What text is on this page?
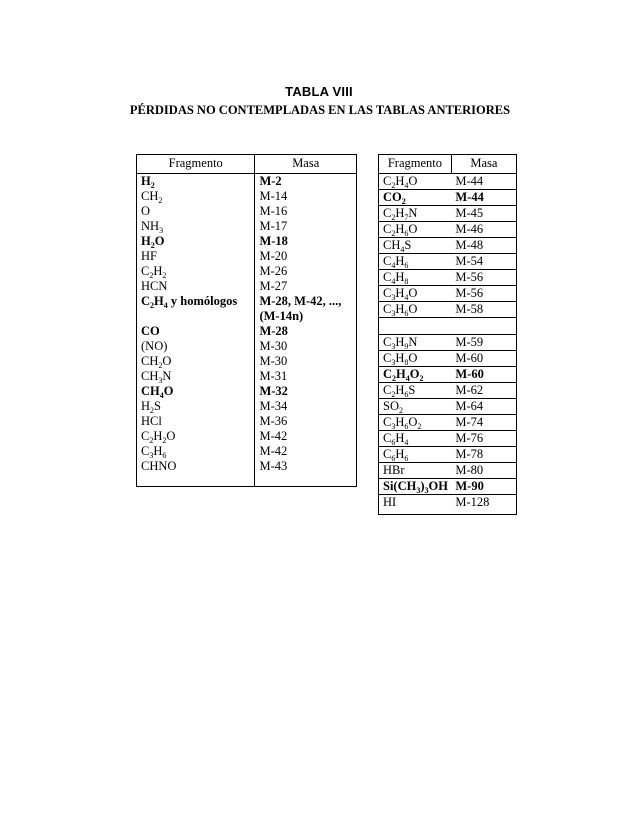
TABLA VIII
PÉRDIDAS NO CONTEMPLADAS EN LAS TABLAS ANTERIORES
Fragmento	Masa
$H_2$	M-2
$CH_2$	M-14
O	M-16
$NH_3$	M-17
$H_2O$	M-18
HF	M-20
$C_2H_2$	M-26
HCN	M-27
$C_2H_4$ y homólogos	M-28, M-42, ...,
	(M-14n)
CO	M-28
(NO)	M-30
$CH_2O$	M-30
$CH_3N$	M-31
$CH_4O$	M-32
$H_2S$	M-34
HCl	M-36
$C_2H_2O$	M-42
$C_3H_6$	M-42
CHNO	M-43
Fragmento	Masa
$C_2H_4O$	M-44
$CO_2$	M-44
$C_2H_7N$	M-45
$C_2H_6O$	M-46
$CH_4S$	M-48
$C_4H_6$	M-54
$C_4H_8$	M-56
$C_3H_4O$	M-56
$C_3H_6O$	M-58

$C_3H_9N$	M-59
$C_3H_8O$	M-60
$C_2H_4O_2$	M-60
$C_2H_6S$	M-62
$SO_2$	M-64
$C_3H_6O_2$	M-74
$C_6H_4$	M-76
$C_6H_6$	M-78
HBr	M-80
$Si(CH_3)_3OH$	M-90
HI	M-128
